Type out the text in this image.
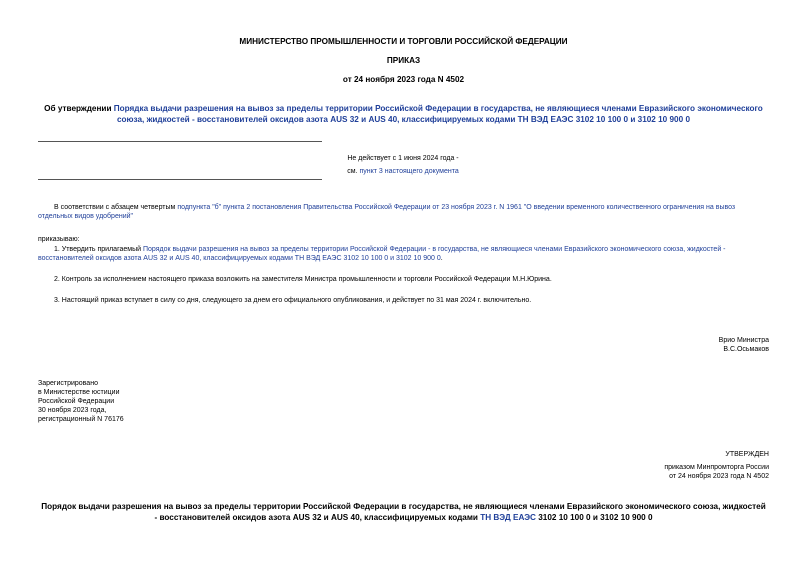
МИНИСТЕРСТВО ПРОМЫШЛЕННОСТИ И ТОРГОВЛИ РОССИЙСКОЙ ФЕДЕРАЦИИ
ПРИКАЗ
от 24 ноября 2023 года N 4502
Об утверждении Порядка выдачи разрешения на вывоз за пределы территории Российской Федерации в государства, не являющиеся членами Евразийского экономического союза, жидкостей - восстановителей оксидов азота AUS 32 и AUS 40, классифицируемых кодами ТН ВЭД ЕАЭС 3102 10 100 0 и 3102 10 900 0
Не действует с 1 июня 2024 года -
см. пункт 3 настоящего документа

В соответствии с абзацем четвертым подпункта "б" пункта 2 постановления Правительства Российской Федерации от 23 ноября 2023 г. N 1961 "О введении временного количественного ограничения на вывоз отдельных видов удобрений"

приказываю:

1. Утвердить прилагаемый Порядок выдачи разрешения на вывоз за пределы территории Российской Федерации - в государства, не являющиеся членами Евразийского экономического союза, жидкостей - восстановителей оксидов азота AUS 32 и AUS 40, классифицируемых кодами ТН ВЭД ЕАЭС 3102 10 100 0 и 3102 10 900 0.

2. Контроль за исполнением настоящего приказа возложить на заместителя Министра промышленности и торговли Российской Федерации М.Н.Юрина.

3. Настоящий приказ вступает в силу со дня, следующего за днем его официального опубликования, и действует по 31 мая 2024 г. включительно.

Врио Министра
В.С.Осьмаков
Зарегистрировано
в Министерстве юстиции
Российской Федерации
30 ноября 2023 года,
регистрационный N 76176
УТВЕРЖДЕН
приказом Минпромторга России
от 24 ноября 2023 года N 4502
Порядок выдачи разрешения на вывоз за пределы территории Российской Федерации в государства, не являющиеся членами Евразийского экономического союза, жидкостей - восстановителей оксидов азота AUS 32 и AUS 40, классифицируемых кодами ТН ВЭД ЕАЭС 3102 10 100 0 и 3102 10 900 0
